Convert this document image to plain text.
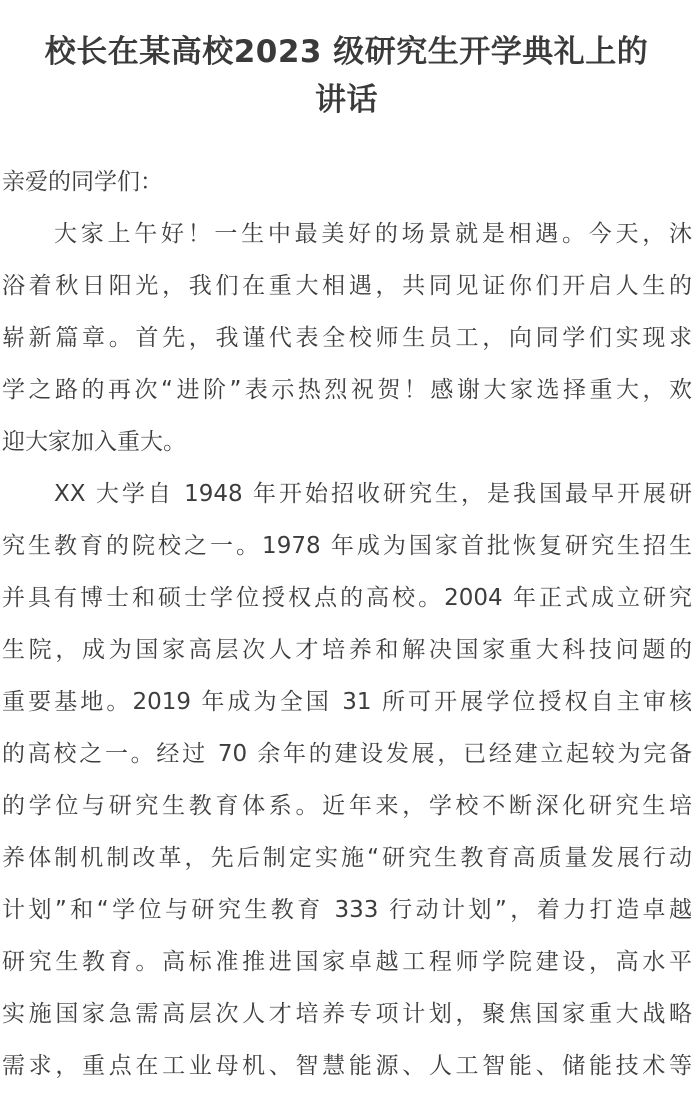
校长在某高校2023 级研究生开学典礼上的
讲话
亲爱的同学们：
大家上午好！一生中最美好的场景就是相遇。今天，沐
浴着秋日阳光，我们在重大相遇，共同见证你们开启人生的
崭新篇章。首先，我谨代表全校师生员工，向同学们实现求
学之路的再次“进阶”表示热烈祝贺！感谢大家选择重大，欢
迎大家加入重大。
XX 大学自 1948 年开始招收研究生，是我国最早开展研
究生教育的院校之一。1978 年成为国家首批恢复研究生招生
并具有博士和硕士学位授权点的高校。2004 年正式成立研究
生院，成为国家高层次人才培养和解决国家重大科技问题的
重要基地。2019 年成为全国 31 所可开展学位授权自主审核
的高校之一。经过 70 余年的建设发展，已经建立起较为完备
的学位与研究生教育体系。近年来，学校不断深化研究生培
养体制机制改革，先后制定实施“研究生教育高质量发展行动
计划”和“学位与研究生教育 333 行动计划”，着力打造卓越
研究生教育。高标准推进国家卓越工程师学院建设，高水平
实施国家急需高层次人才培养专项计划，聚焦国家重大战略
需求，重点在工业母机、智慧能源、人工智能、储能技术等
